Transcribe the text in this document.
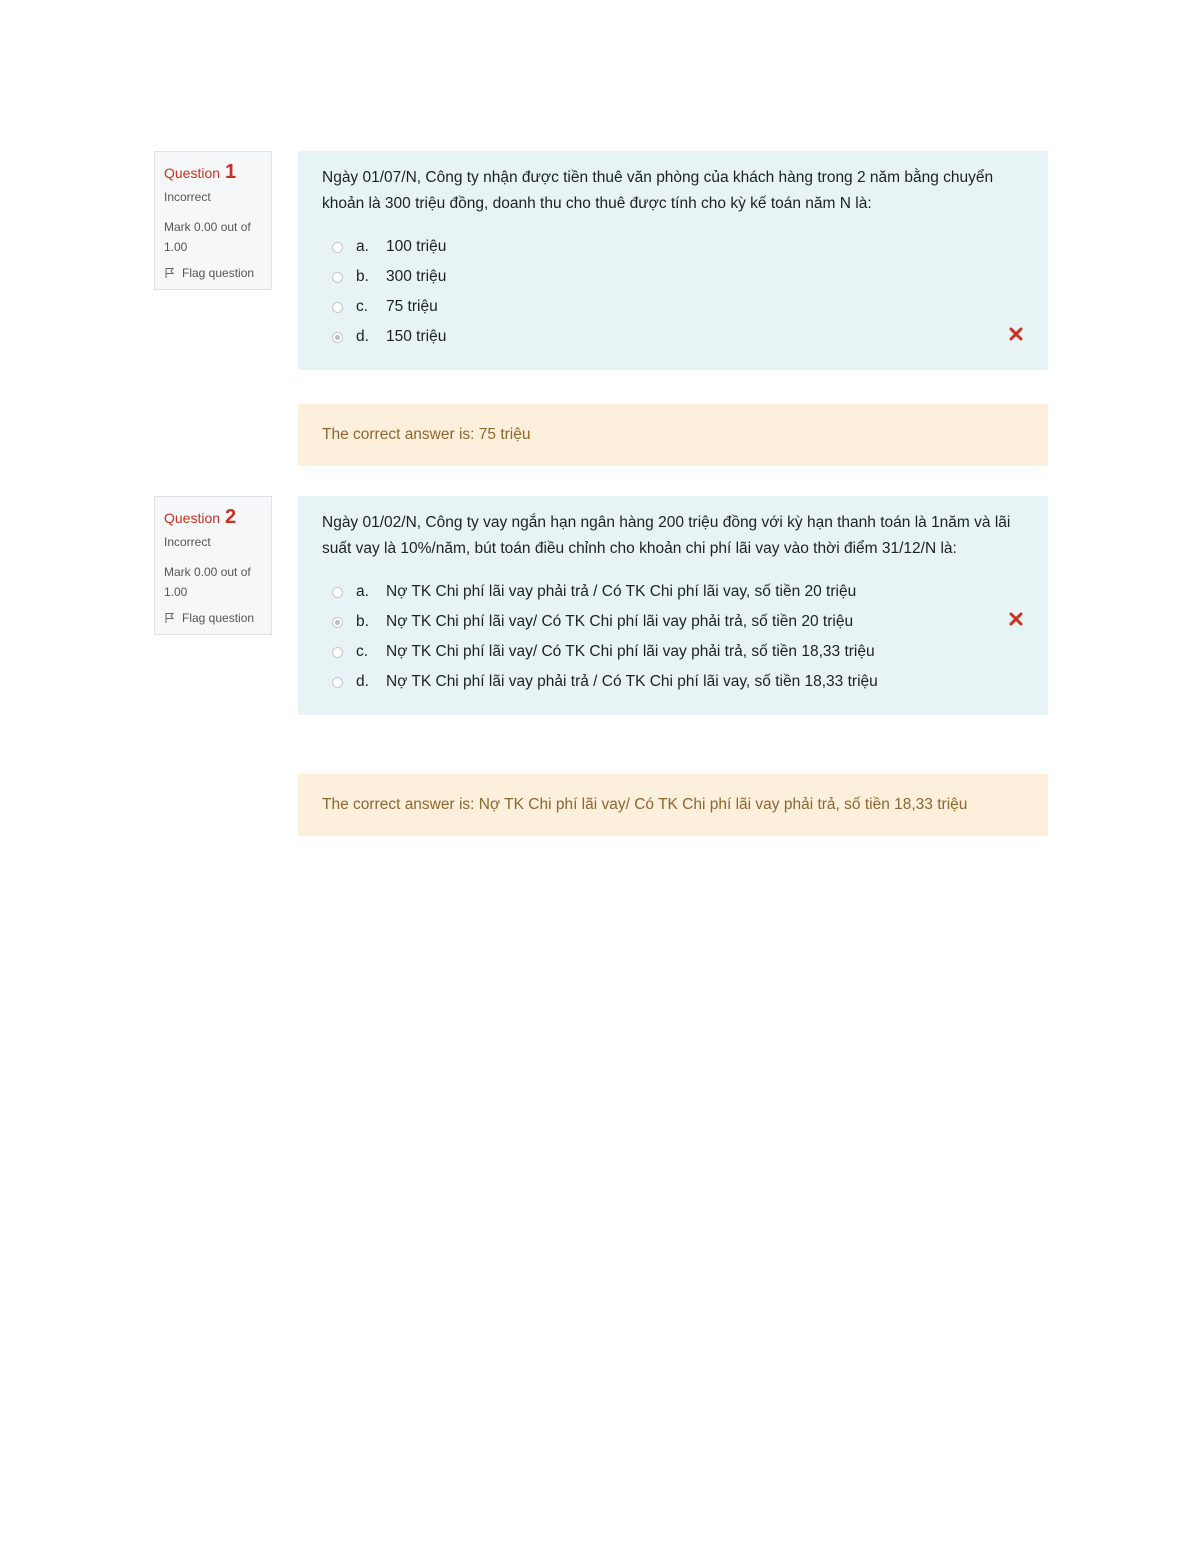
Question 1
Incorrect
Mark 0.00 out of 1.00
Flag question

Ngày 01/07/N, Công ty nhận được tiền thuê văn phòng của khách hàng trong 2 năm bằng chuyển khoản là 300 triệu đồng, doanh thu cho thuê được tính cho kỳ kế toán năm N là:

a.	100 triệu
b.	300 triệu
c.	75 triệu
d.	150 triệu
The correct answer is: 75 triệu
Question 2
Incorrect
Mark 0.00 out of 1.00
Flag question

Ngày 01/02/N, Công ty vay ngắn hạn ngân hàng 200 triệu đồng với kỳ hạn thanh toán là 1năm và lãi suất vay là 10%/năm, bút toán điều chỉnh cho khoản chi phí lãi vay vào thời điểm 31/12/N là:

a.	Nợ TK Chi phí lãi vay phải trả / Có TK Chi phí lãi vay, số tiền 20 triệu
b.	Nợ TK Chi phí lãi vay/ Có TK Chi phí lãi vay phải trả, số tiền 20 triệu
c.	Nợ TK Chi phí lãi vay/ Có TK Chi phí lãi vay phải trả, số tiền 18,33 triệu
d.	Nợ TK Chi phí lãi vay phải trả / Có TK Chi phí lãi vay, số tiền 18,33 triệu
The correct answer is: Nợ TK Chi phí lãi vay/ Có TK Chi phí lãi vay phải trả, số tiền 18,33 triệu
